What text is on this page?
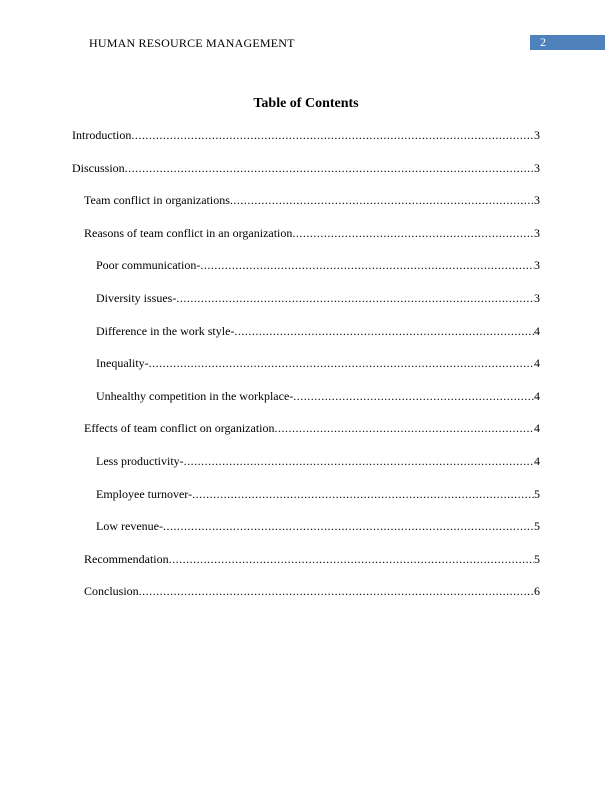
HUMAN RESOURCE MANAGEMENT	2
Table of Contents
Introduction .....	3
Discussion .....	3
Team conflict in organizations .....	3
Reasons of team conflict in an organization .....	3
Poor communication- .....	3
Diversity issues- .....	3
Difference in the work style- .....	4
Inequality- .....	4
Unhealthy competition in the workplace- .....	4
Effects of team conflict on organization .....	4
Less productivity- .....	4
Employee turnover- .....	5
Low revenue- .....	5
Recommendation .....	5
Conclusion .....	6
